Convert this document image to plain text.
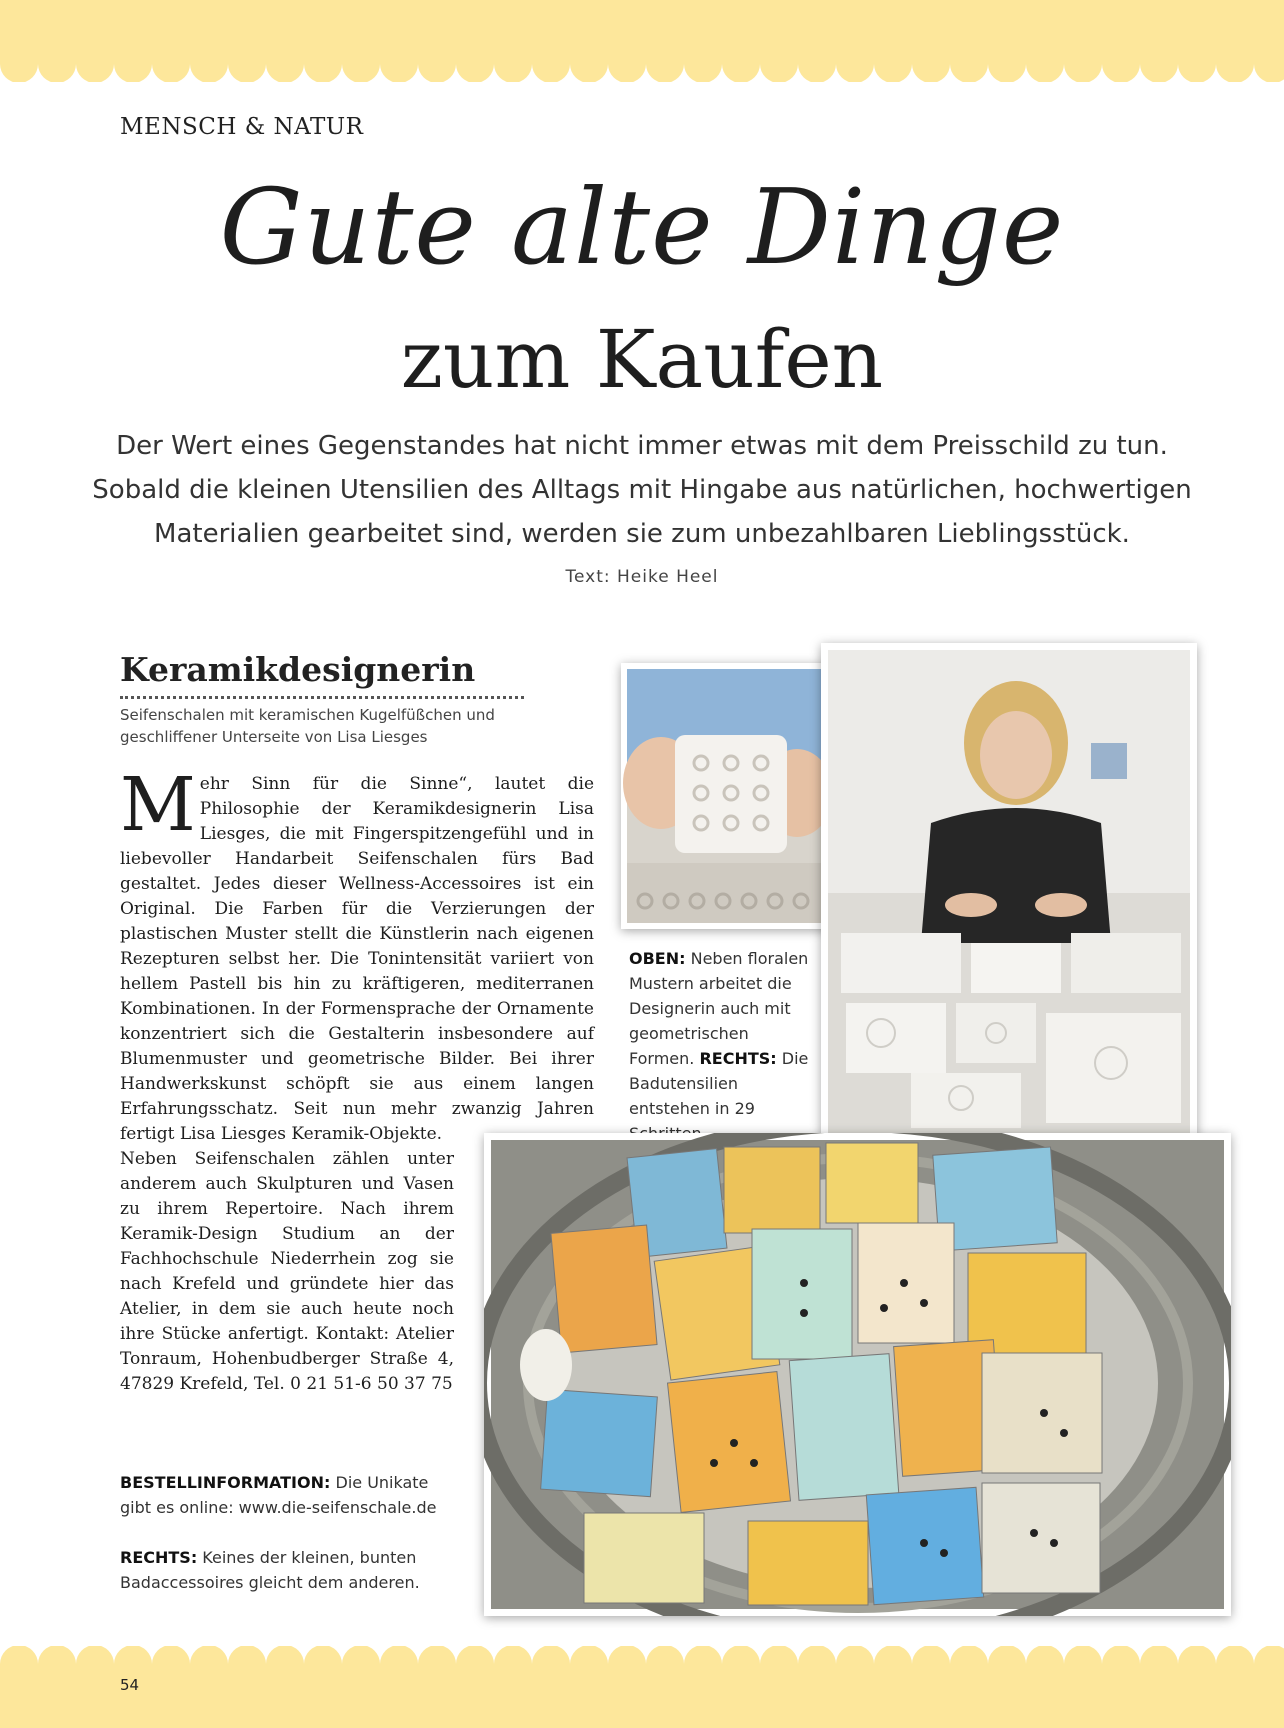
MENSCH & NATUR
Gute alte Dinge
zum Kaufen
Der Wert eines Gegenstandes hat nicht immer etwas mit dem Preisschild zu tun.
Sobald die kleinen Utensilien des Alltags mit Hingabe aus natürlichen, hochwertigen
Materialien gearbeitet sind, werden sie zum unbezahlbaren Lieblingsstück.
Text: Heike Heel
Keramikdesignerin
Seifenschalen mit keramischen Kugelfüßchen und geschliffener Unterseite von Lisa Liesges
Mehr Sinn für die Sinne“, lautet die Philosophie der Keramikdesignerin Lisa Liesges, die mit Fingerspitzengefühl und in liebevoller Handarbeit Seifenschalen fürs Bad gestaltet. Jedes dieser Wellness-Accessoires ist ein Original. Die Farben für die Verzierungen der plastischen Muster stellt die Künstlerin nach eigenen Rezepturen selbst her. Die Tonintensität variiert von hellem Pastell bis hin zu kräftigeren, mediterranen Kombinationen. In der Formensprache der Ornamente konzentriert sich die Gestalterin insbesondere auf Blumenmuster und geometrische Bilder. Bei ihrer Handwerkskunst schöpft sie aus einem langen Erfahrungsschatz. Seit nun mehr zwanzig Jahren fertigt Lisa Liesges Keramik-Objekte.
Neben Seifenschalen zählen unter anderem auch Skulpturen und Vasen zu ihrem Repertoire. Nach ihrem Keramik-Design Studium an der Fachhochschule Niederrhein zog sie nach Krefeld und gründete hier das Atelier, in dem sie auch heute noch ihre Stücke anfertigt. Kontakt: Atelier Tonraum, Hohenbudberger Straße 4, 47829 Krefeld, Tel. 0 21 51-6 50 37 75
BESTELLINFORMATION: Die Unikate gibt es online: www.die-seifenschale.de
RECHTS: Keines der kleinen, bunten Badaccessoires gleicht dem anderen.
OBEN: Neben floralen Mustern arbeitet die Designerin auch mit geometrischen Formen. RECHTS: Die Badutensilien entstehen in 29
54
